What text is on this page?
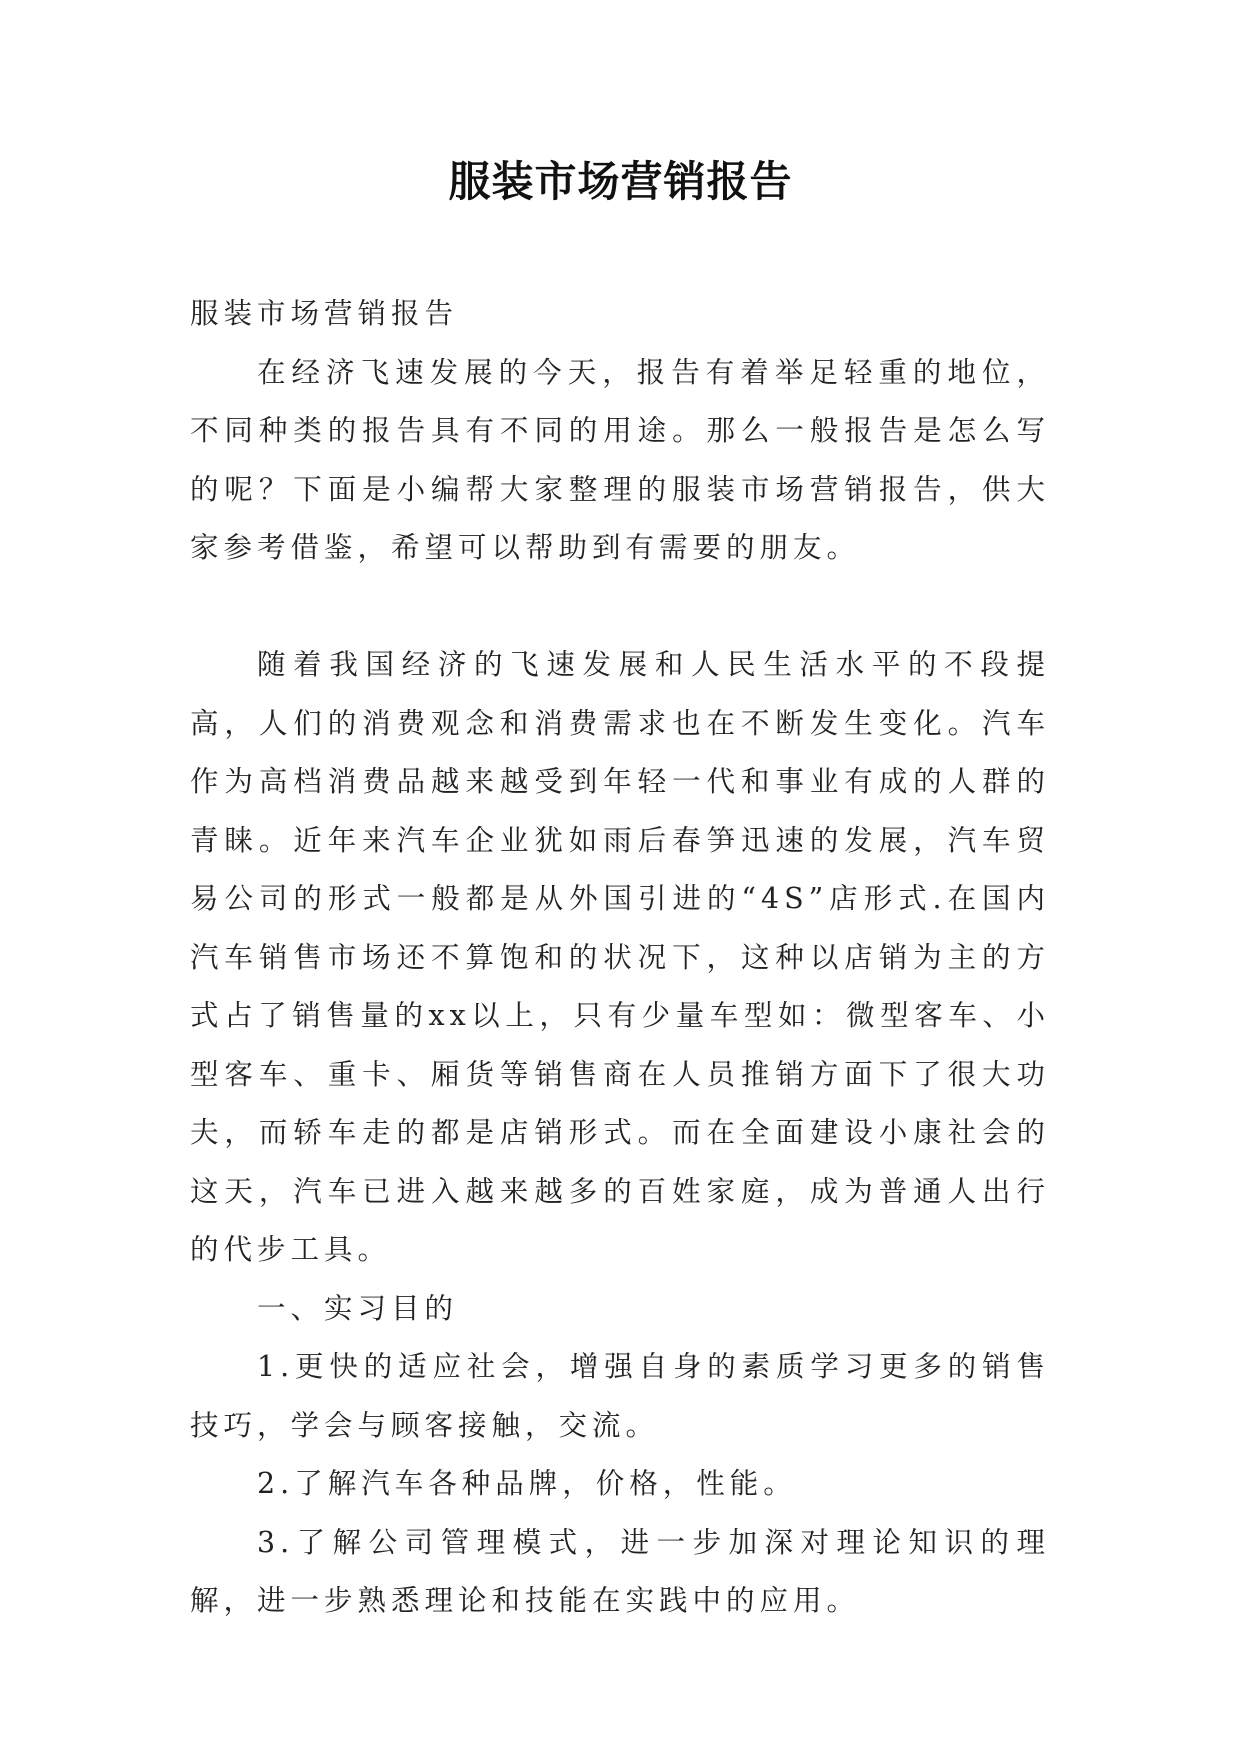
服装市场营销报告

服装市场营销报告

在经济飞速发展的今天，报告有着举足轻重的地位，不同种类的报告具有不同的用途。那么一般报告是怎么写的呢？下面是小编帮大家整理的服装市场营销报告，供大家参考借鉴，希望可以帮助到有需要的朋友。

随着我国经济的飞速发展和人民生活水平的不段提高，人们的消费观念和消费需求也在不断发生变化。汽车作为高档消费品越来越受到年轻一代和事业有成的人群的青睐。近年来汽车企业犹如雨后春笋迅速的发展，汽车贸易公司的形式一般都是从外国引进的“4S”店形式.在国内汽车销售市场还不算饱和的状况下，这种以店销为主的方式占了销售量的xx以上，只有少量车型如：微型客车、小型客车、重卡、厢货等销售商在人员推销方面下了很大功夫，而轿车走的都是店销形式。而在全面建设小康社会的这天，汽车已进入越来越多的百姓家庭，成为普通人出行的代步工具。

一、实习目的

1.更快的适应社会，增强自身的素质学习更多的销售技巧，学会与顾客接触，交流。

2.了解汽车各种品牌，价格，性能。

3.了解公司管理模式，进一步加深对理论知识的理解，进一步熟悉理论和技能在实践中的应用。
